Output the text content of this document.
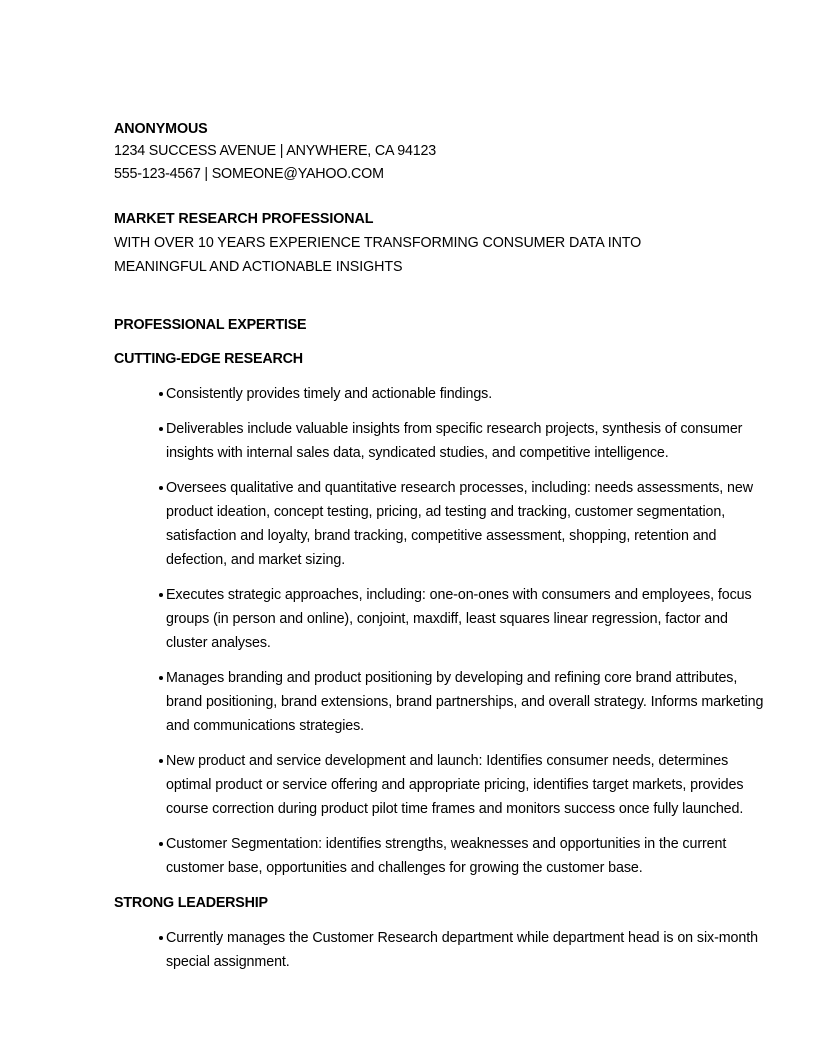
ANONYMOUS
1234 SUCCESS AVENUE | ANYWHERE, CA 94123
555-123-4567 | SOMEONE@YAHOO.COM
MARKET RESEARCH PROFESSIONAL
WITH OVER 10 YEARS EXPERIENCE TRANSFORMING CONSUMER DATA INTO MEANINGFUL AND ACTIONABLE INSIGHTS
PROFESSIONAL EXPERTISE
CUTTING-EDGE RESEARCH
Consistently provides timely and actionable findings.
Deliverables include valuable insights from specific research projects, synthesis of consumer insights with internal sales data, syndicated studies, and competitive intelligence.
Oversees qualitative and quantitative research processes, including: needs assessments, new product ideation, concept testing, pricing, ad testing and tracking, customer segmentation, satisfaction and loyalty, brand tracking, competitive assessment, shopping, retention and defection, and market sizing.
Executes strategic approaches, including: one-on-ones with consumers and employees, focus groups (in person and online), conjoint, maxdiff, least squares linear regression, factor and cluster analyses.
Manages branding and product positioning by developing and refining core brand attributes, brand positioning, brand extensions, brand partnerships, and overall strategy. Informs marketing and communications strategies.
New product and service development and launch: Identifies consumer needs, determines optimal product or service offering and appropriate pricing, identifies target markets, provides course correction during product pilot time frames and monitors success once fully launched.
Customer Segmentation: identifies strengths, weaknesses and opportunities in the current customer base, opportunities and challenges for growing the customer base.
STRONG LEADERSHIP
Currently manages the Customer Research department while department head is on six-month special assignment.
